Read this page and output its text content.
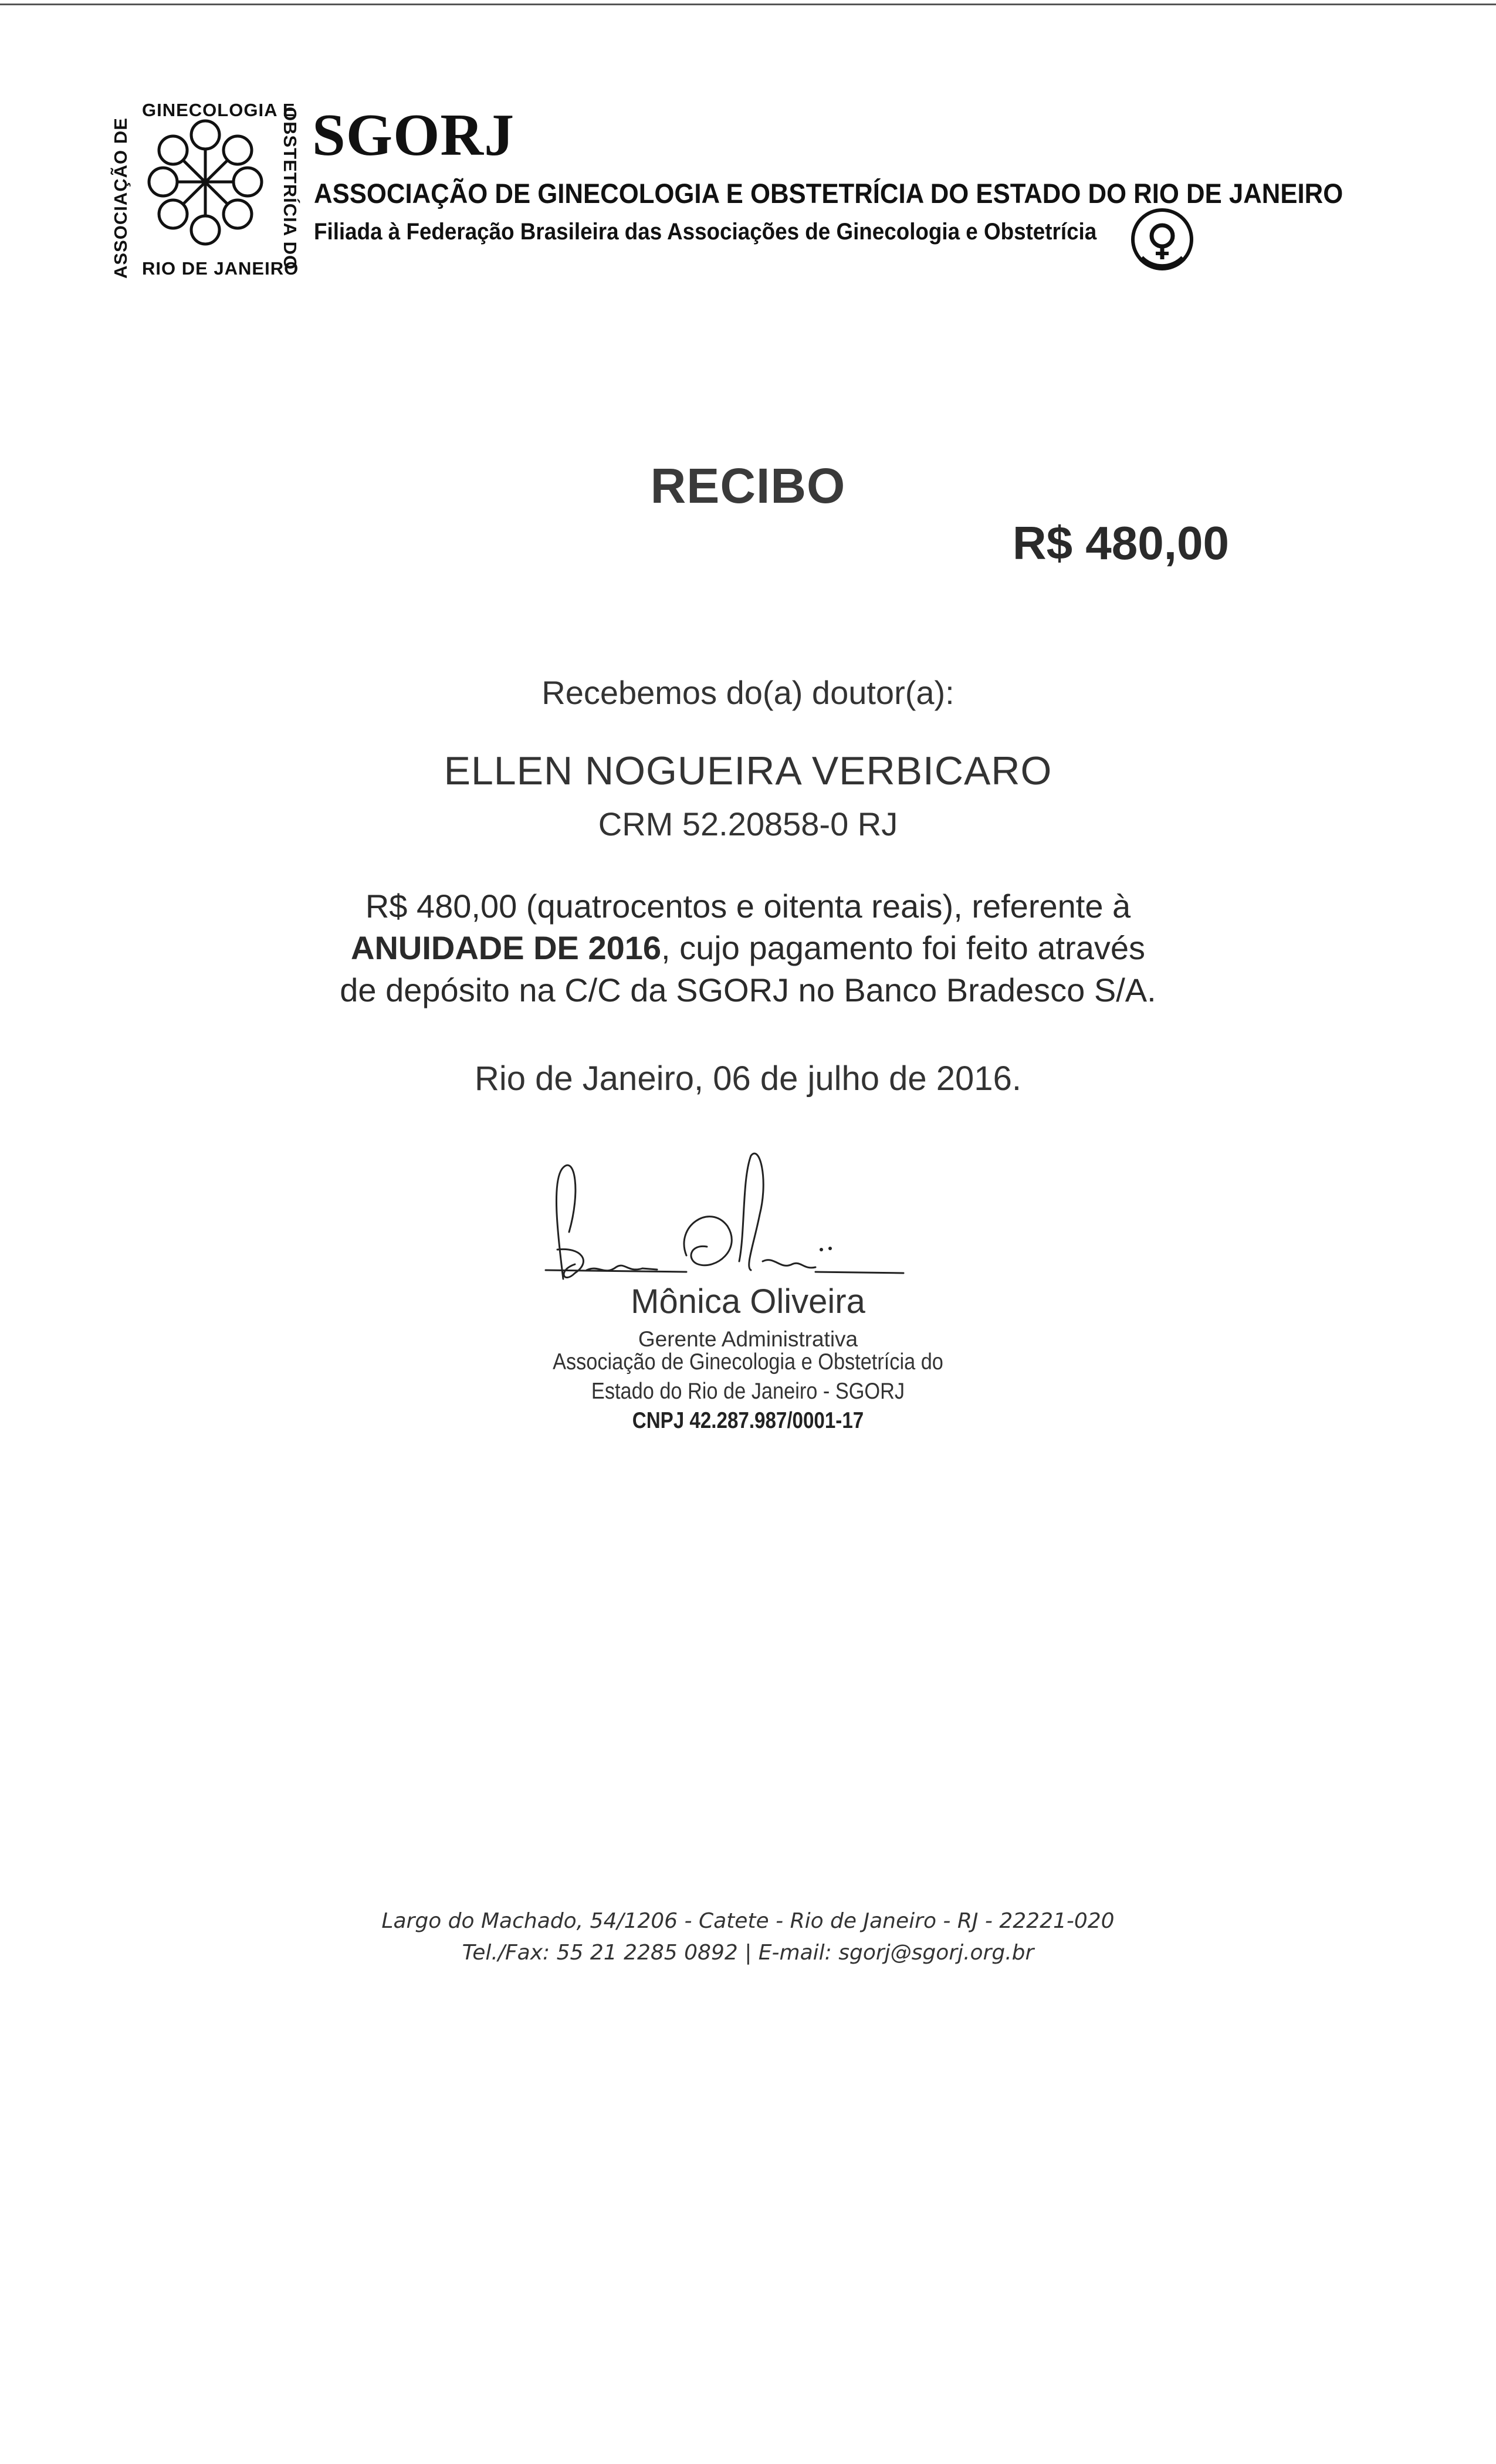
GINECOLOGIA E
RIO DE JANEIRO
ASSOCIAÇÃO DE	OBSTETRÍCIA DO SGORJ
ASSOCIAÇÃO DE GINECOLOGIA E OBSTETRÍCIA DO ESTADO DO RIO DE JANEIRO
Filiada à Federação Brasileira das Associações de Ginecologia e Obstetrícia
RECIBO
R$ 480,00
Recebemos do(a) doutor(a):
ELLEN NOGUEIRA VERBICARO
CRM 52.20858-0 RJ
R$ 480,00 (quatrocentos e oitenta reais), referente à
ANUIDADE DE 2016, cujo pagamento foi feito através
de depósito na C/C da SGORJ no Banco Bradesco S/A.
Rio de Janeiro, 06 de julho de 2016.
Mônica Oliveira
Gerente Administrativa
Associação de Ginecologia e Obstetrícia do
Estado do Rio de Janeiro - SGORJ
CNPJ 42.287.987/0001-17
Largo do Machado, 54/1206 - Catete - Rio de Janeiro - RJ - 22221-020
Tel./Fax: 55 21 2285 0892 | E-mail: sgorj@sgorj.org.br
